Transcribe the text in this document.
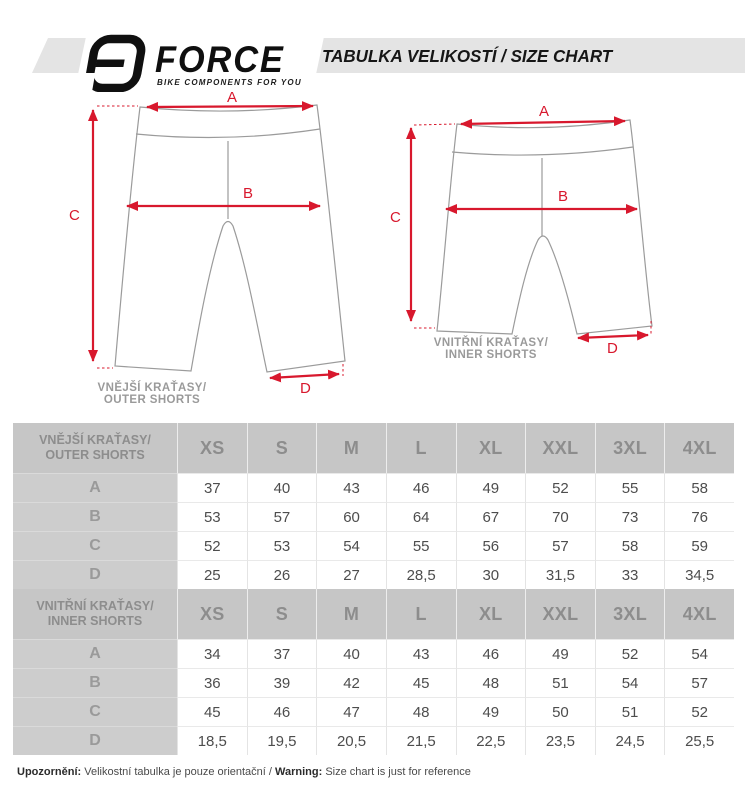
TABULKA VELIKOSTÍ / SIZE CHART
FORCE
BIKE COMPONENTS FOR YOU
A
B
C
D
VNĚJŠÍ KRAŤASY/
OUTER SHORTS
A
B
C
D
VNITŘNÍ KRAŤASY/
INNER SHORTS
VNĚJŠÍ KRAŤASY/
OUTER SHORTS	XS	S	M	L	XL	XXL	3XL	4XL
A	37	40	43	46	49	52	55	58
B	53	57	60	64	67	70	73	76
C	52	53	54	55	56	57	58	59
D	25	26	27	28,5	30	31,5	33	34,5
VNITŘNÍ KRAŤASY/
INNER SHORTS	XS	S	M	L	XL	XXL	3XL	4XL
A	34	37	40	43	46	49	52	54
B	36	39	42	45	48	51	54	57
C	45	46	47	48	49	50	51	52
D	18,5	19,5	20,5	21,5	22,5	23,5	24,5	25,5
Upozornění: Velikostní tabulka je pouze orientační / Warning: Size chart is just for reference
